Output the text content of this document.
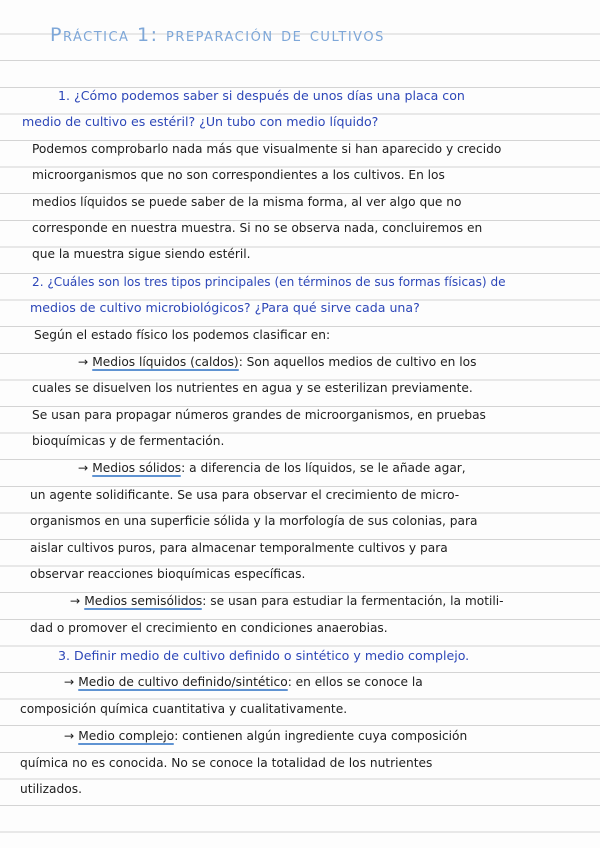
Práctica 1: preparación de cultivos
1. ¿Cómo podemos saber si después de unos días una placa con
medio de cultivo es estéril? ¿Un tubo con medio líquido?
Podemos comprobarlo nada más que visualmente si han aparecido y crecido
microorganismos que no son correspondientes a los cultivos. En los
medios líquidos se puede saber de la misma forma, al ver algo que no
corresponde en nuestra muestra. Si no se observa nada, concluiremos en
que la muestra sigue siendo estéril.
2. ¿Cuáles son los tres tipos principales (en términos de sus formas físicas) de
medios de cultivo microbiológicos? ¿Para qué sirve cada una?
Según el estado físico los podemos clasificar en:
→ Medios líquidos (caldos): Son aquellos medios de cultivo en los
cuales se disuelven los nutrientes en agua y se esterilizan previamente.
Se usan para propagar números grandes de microorganismos, en pruebas
bioquímicas y de fermentación.
→ Medios sólidos: a diferencia de los líquidos, se le añade agar,
un agente solidificante. Se usa para observar el crecimiento de micro-
organismos en una superficie sólida y la morfología de sus colonias, para
aislar cultivos puros, para almacenar temporalmente cultivos y para
observar reacciones bioquímicas específicas.
→ Medios semisólidos: se usan para estudiar la fermentación, la motili-
dad o promover el crecimiento en condiciones anaerobias.
3. Definir medio de cultivo definido o sintético y medio complejo.
→ Medio de cultivo definido/sintético: en ellos se conoce la
composición química cuantitativa y cualitativamente.
→ Medio complejo: contienen algún ingrediente cuya composición
química no es conocida. No se conoce la totalidad de los nutrientes
utilizados.
